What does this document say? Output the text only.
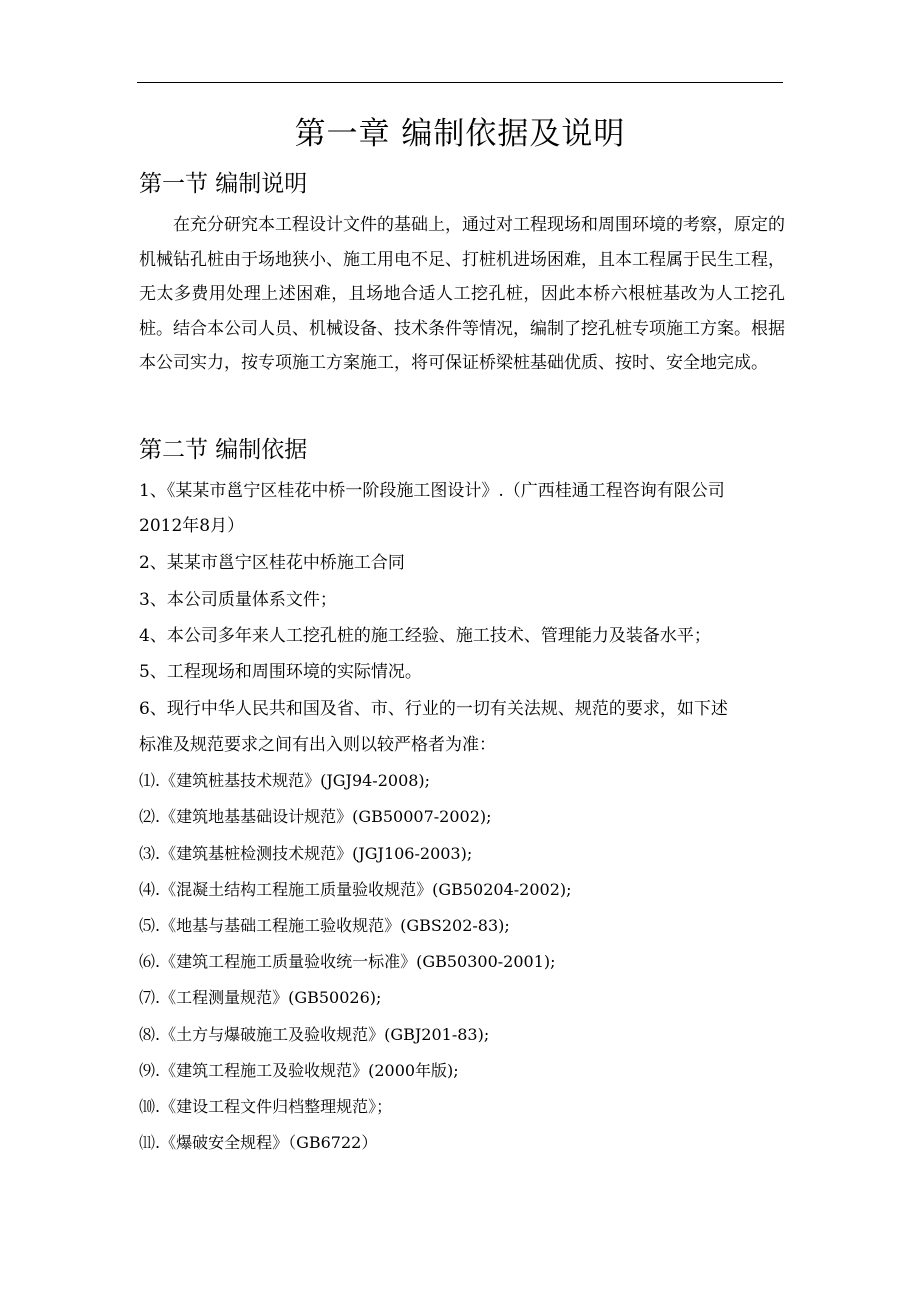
第一章 编制依据及说明
第一节 编制说明
在充分研究本工程设计文件的基础上，通过对工程现场和周围环境的考察，原定的机械钻孔桩由于场地狭小、施工用电不足、打桩机进场困难，且本工程属于民生工程，无太多费用处理上述困难，且场地合适人工挖孔桩，因此本桥六根桩基改为人工挖孔桩。结合本公司人员、机械设备、技术条件等情况，编制了挖孔桩专项施工方案。根据本公司实力，按专项施工方案施工，将可保证桥梁桩基础优质、按时、安全地完成。
第二节 编制依据
1、《某某市邕宁区桂花中桥一阶段施工图设计》.（广西桂通工程咨询有限公司
2012年8月）
2、某某市邕宁区桂花中桥施工合同
3、本公司质量体系文件；
4、本公司多年来人工挖孔桩的施工经验、施工技术、管理能力及装备水平；
5、工程现场和周围环境的实际情况。
6、现行中华人民共和国及省、市、行业的一切有关法规、规范的要求，如下述
标准及规范要求之间有出入则以较严格者为准：
⑴.《建筑桩基技术规范》(JGJ94-2008);
⑵.《建筑地基基础设计规范》(GB50007-2002);
⑶.《建筑基桩检测技术规范》(JGJ106-2003);
⑷.《混凝土结构工程施工质量验收规范》(GB50204-2002);
⑸.《地基与基础工程施工验收规范》(GBS202-83);
⑹.《建筑工程施工质量验收统一标准》(GB50300-2001);
⑺.《工程测量规范》(GB50026);
⑻.《土方与爆破施工及验收规范》(GBJ201-83);
⑼.《建筑工程施工及验收规范》(2000年版);
⑽.《建设工程文件归档整理规范》；
⑾.《爆破安全规程》（GB6722）
